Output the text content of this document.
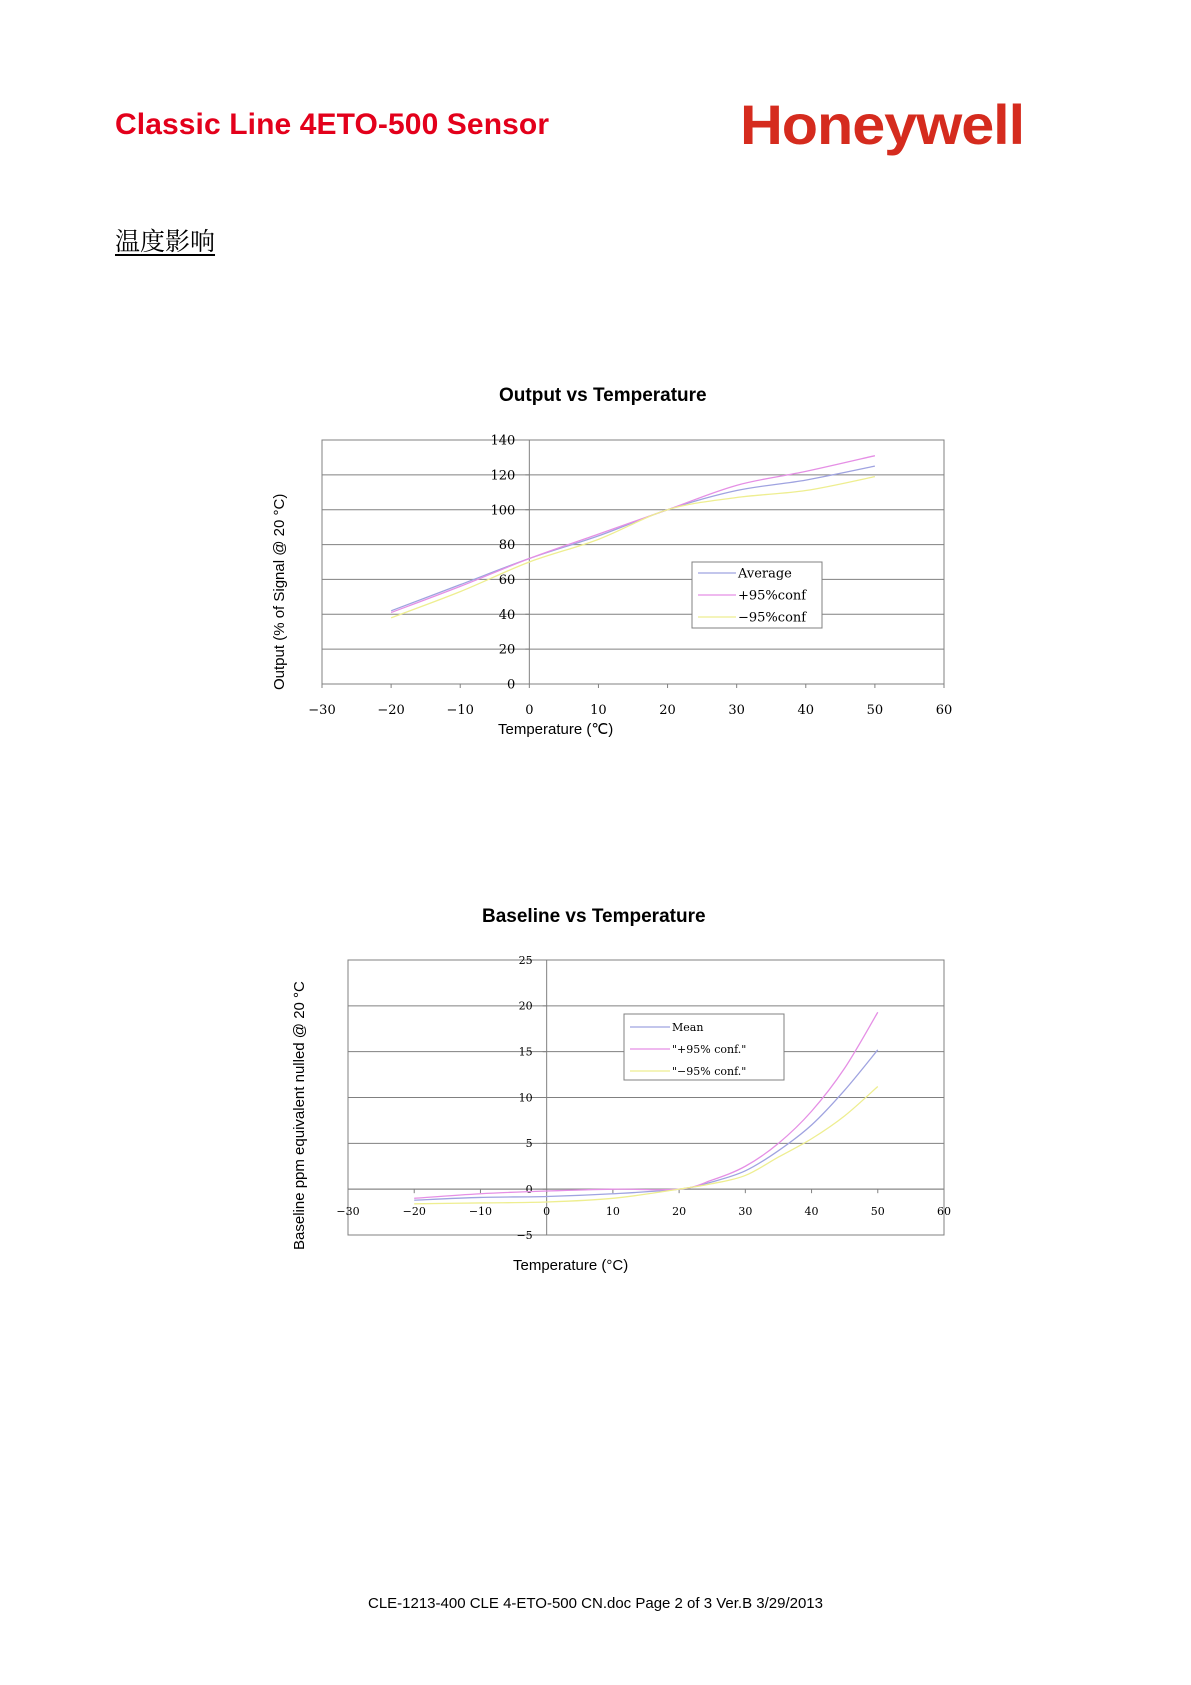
Classic Line 4ETO-500 Sensor	Honeywell
温度影响
Output vs Temperature
Output (% of Signal @ 20 °C)
−30	−20	−10	0	10	20	30	40	50	60
0
20
40
60
80
100
120
140
Average
+95%conf
−95%conf
Temperature (℃)
Baseline vs Temperature
Baseline ppm equivalent nulled @ 20 °C	−30	−20	−10	0	10	20	30	40	50	60
−5
0
5
10
15
20
25
Mean
"+95% conf."
"−95% conf."
Temperature (°C)
CLE-1213-400 CLE 4-ETO-500 CN.doc Page 2 of 3 Ver.B 3/29/2013
